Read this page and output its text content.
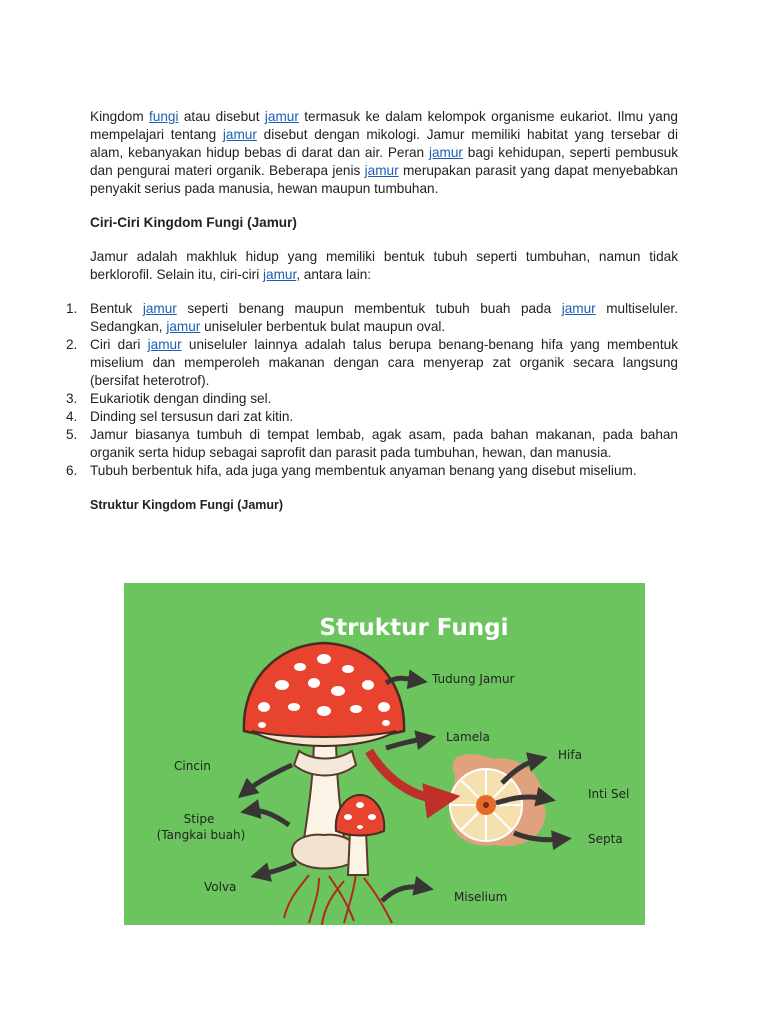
Kingdom fungi atau disebut jamur termasuk ke dalam kelompok organisme eukariot. Ilmu yang mempelajari tentang jamur disebut dengan mikologi. Jamur memiliki habitat yang tersebar di alam, kebanyakan hidup bebas di darat dan air. Peran jamur bagi kehidupan, seperti pembusuk dan pengurai materi organik. Beberapa jenis jamur merupakan parasit yang dapat menyebabkan penyakit serius pada manusia, hewan maupun tumbuhan.

Ciri-Ciri Kingdom Fungi (Jamur)

Jamur adalah makhluk hidup yang memiliki bentuk tubuh seperti tumbuhan, namun tidak berklorofil. Selain itu, ciri-ciri jamur, antara lain:

1. Bentuk jamur seperti benang maupun membentuk tubuh buah pada jamur multiseluler. Sedangkan, jamur uniseluler berbentuk bulat maupun oval.
2. Ciri dari jamur uniseluler lainnya adalah talus berupa benang-benang hifa yang membentuk miselium dan memperoleh makanan dengan cara menyerap zat organik secara langsung (bersifat heterotrof).
3. Eukariotik dengan dinding sel.
4. Dinding sel tersusun dari zat kitin.
5. Jamur biasanya tumbuh di tempat lembab, agak asam, pada bahan makanan, pada bahan organik serta hidup sebagai saprofit dan parasit pada tumbuhan, hewan, dan manusia.
6. Tubuh berbentuk hifa, ada juga yang membentuk anyaman benang yang disebut miselium.
Struktur Kingdom Fungi (Jamur)
Struktur Fungi
Tudung Jamur
Lamela
Cincin
Hifa
Inti Sel
Stipe
(Tangkai buah)	Septa
Volva
Miselium
